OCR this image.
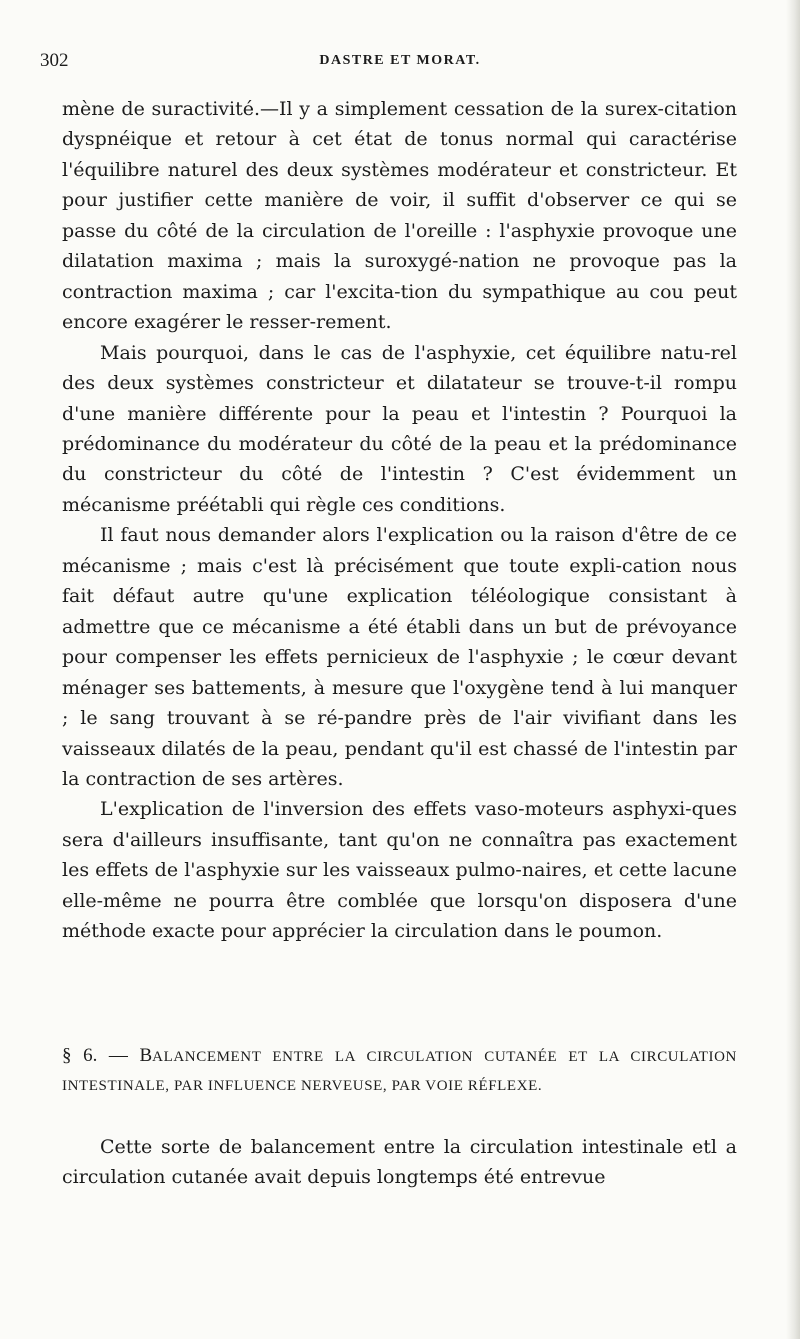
302	DASTRE ET MORAT.

mène de suractivité.—Il y a simplement cessation de la surex-citation dyspnéique et retour à cet état de tonus normal qui caractérise l'équilibre naturel des deux systèmes modérateur et constricteur. Et pour justifier cette manière de voir, il suffit d'observer ce qui se passe du côté de la circulation de l'oreille : l'asphyxie provoque une dilatation maxima ; mais la suroxygé-nation ne provoque pas la contraction maxima ; car l'excita-tion du sympathique au cou peut encore exagérer le resser-rement.

Mais pourquoi, dans le cas de l'asphyxie, cet équilibre natu-rel des deux systèmes constricteur et dilatateur se trouve-t-il rompu d'une manière différente pour la peau et l'intestin ? Pourquoi la prédominance du modérateur du côté de la peau et la prédominance du constricteur du côté de l'intestin ? C'est évidemment un mécanisme préétabli qui règle ces conditions.

Il faut nous demander alors l'explication ou la raison d'être de ce mécanisme ; mais c'est là précisément que toute expli-cation nous fait défaut autre qu'une explication téléologique consistant à admettre que ce mécanisme a été établi dans un but de prévoyance pour compenser les effets pernicieux de l'asphyxie ; le cœur devant ménager ses battements, à mesure que l'oxygène tend à lui manquer ; le sang trouvant à se ré-pandre près de l'air vivifiant dans les vaisseaux dilatés de la peau, pendant qu'il est chassé de l'intestin par la contraction de ses artères.

L'explication de l'inversion des effets vaso-moteurs asphyxi-ques sera d'ailleurs insuffisante, tant qu'on ne connaîtra pas exactement les effets de l'asphyxie sur les vaisseaux pulmo-naires, et cette lacune elle-même ne pourra être comblée que lorsqu'on disposera d'une méthode exacte pour apprécier la circulation dans le poumon.

§ 6. — BALANCEMENT ENTRE LA CIRCULATION CUTANÉE ET LA CIRCULATION INTESTINALE, PAR INFLUENCE NERVEUSE, PAR VOIE RÉFLEXE.

Cette sorte de balancement entre la circulation intestinale etl a circulation cutanée avait depuis longtemps été entrevue
